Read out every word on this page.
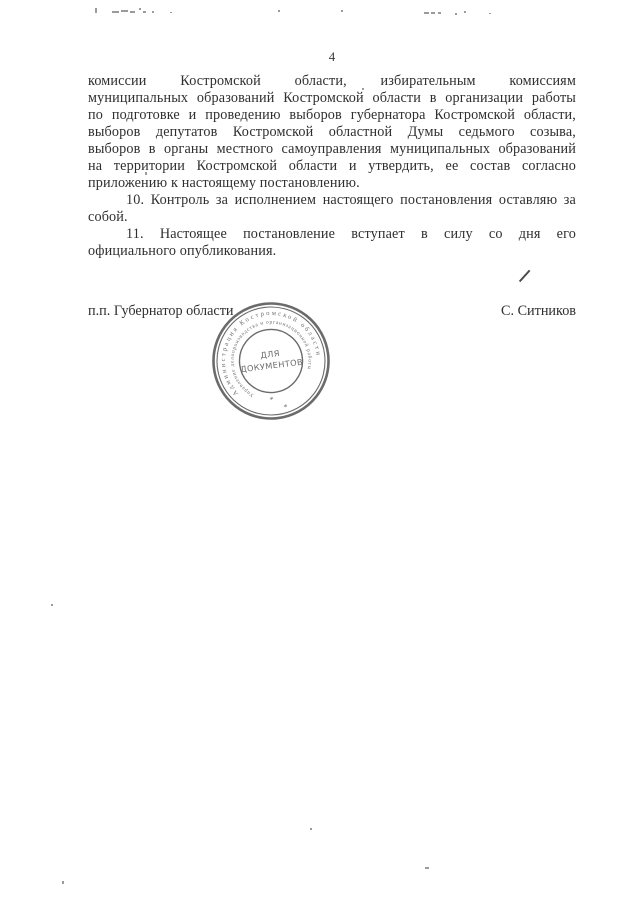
4
комиссии Костромской области, избирательным комиссиям
муниципальных образований Костромской области в организации работы
по подготовке и проведению выборов губернатора Костромской области,
выборов депутатов Костромской областной Думы седьмого созыва,
выборов в органы местного самоуправления муниципальных образований
на территории Костромской области и утвердить, ее состав согласно
приложению к настоящему постановлению.
10. Контроль за исполнением настоящего постановления оставляю за
собой.
11. Настоящее постановление вступает в силу со дня его
официального опубликования.
п.п. Губернатор области	С. Ситников
Администрация Костромской области
Управление делопроизводства и организационной работы
ДЛЯ
ДОКУМЕНТОВ
*
*
